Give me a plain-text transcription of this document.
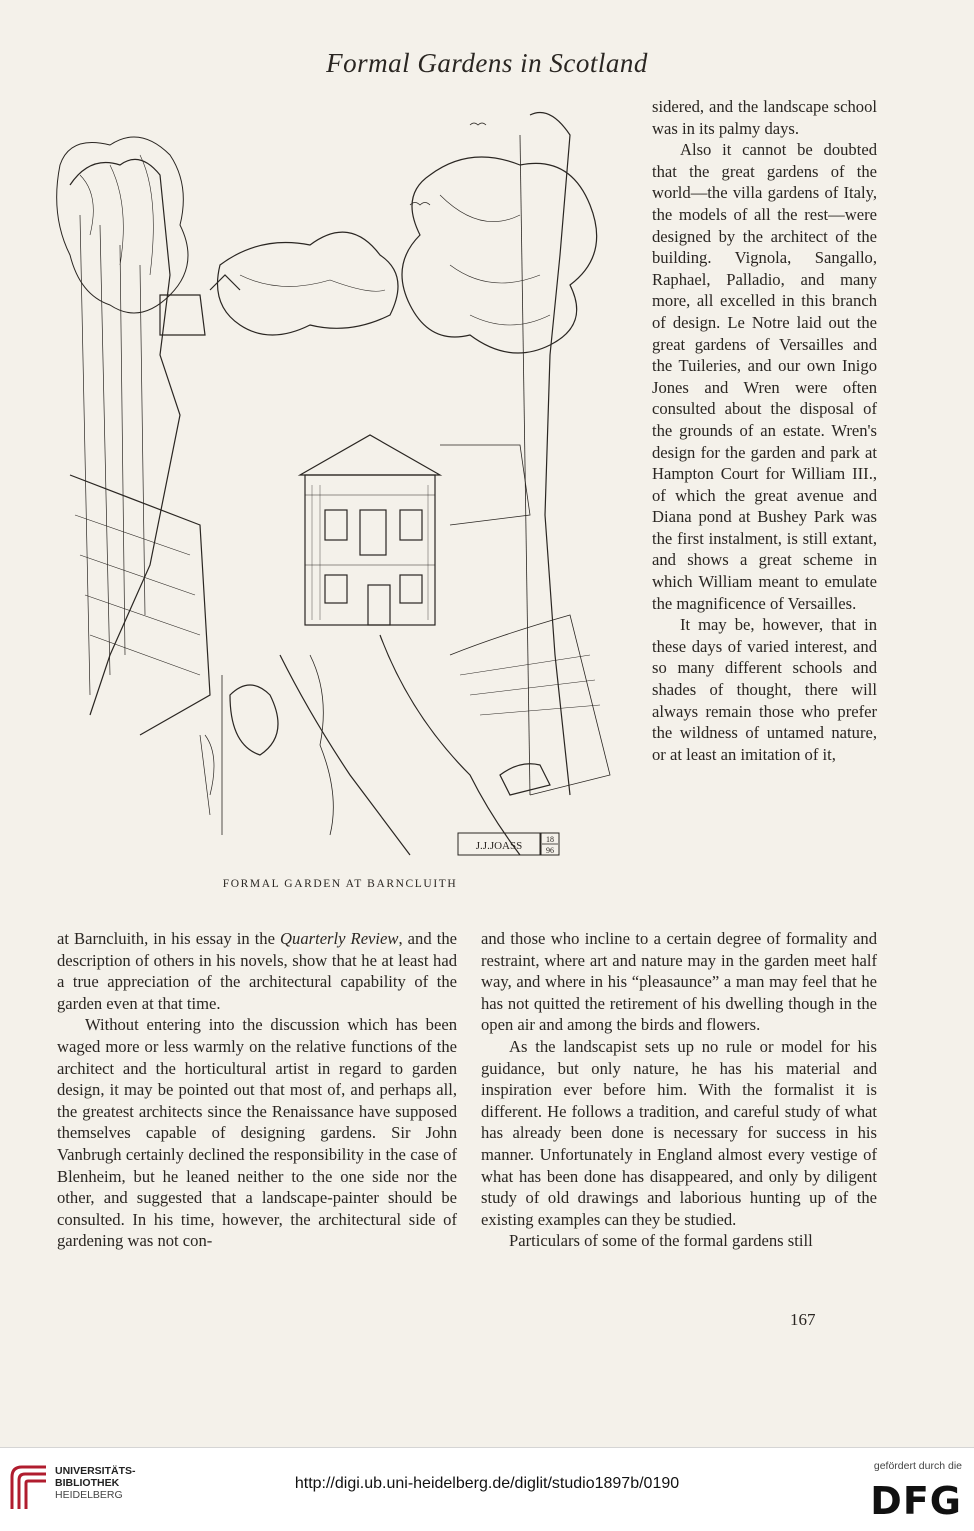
Formal Gardens in Scotland
J.J.JOASS
18
96
FORMAL GARDEN AT BARNCLUITH

sidered, and the landscape school was in its palmy days.

Also it cannot be doubted that the great gardens of the world—the villa gardens of Italy, the models of all the rest—were designed by the architect of the building. Vignola, Sangallo, Raphael, Palladio, and many more, all excelled in this branch of design. Le Notre laid out the great gardens of Versailles and the Tuileries, and our own Inigo Jones and Wren were often consulted about the disposal of the grounds of an estate. Wren's design for the garden and park at Hampton Court for William III., of which the great avenue and Diana pond at Bushey Park was the first instalment, is still extant, and shows a great scheme in which William meant to emulate the magnificence of Versailles.

It may be, however, that in these days of varied interest, and so many different schools and shades of thought, there will always remain those who prefer the wildness of untamed nature, or at least an imitation of it,

at Barncluith, in his essay in the Quarterly Review, and the description of others in his novels, show that he at least had a true appreciation of the architectural capability of the garden even at that time.

Without entering into the discussion which has been waged more or less warmly on the relative functions of the architect and the horticultural artist in regard to garden design, it may be pointed out that most of, and perhaps all, the greatest architects since the Renaissance have supposed themselves capable of designing gardens. Sir John Vanbrugh certainly declined the responsibility in the case of Blenheim, but he leaned neither to the one side nor the other, and suggested that a landscape-painter should be consulted. In his time, however, the architectural side of gardening was not con-

and those who incline to a certain degree of formality and restraint, where art and nature may in the garden meet half way, and where in his “pleasaunce” a man may feel that he has not quitted the retirement of his dwelling though in the open air and among the birds and flowers.

As the landscapist sets up no rule or model for his guidance, but only nature, he has his material and inspiration ever before him. With the formalist it is different. He follows a tradition, and careful study of what has already been done is necessary for success in his manner. Unfortunately in England almost every vestige of what has been done has disappeared, and only by diligent study of old drawings and laborious hunting up of the existing examples can they be studied.

Particulars of some of the formal gardens still

167
UNIVERSITÄTS-
BIBLIOTHEK
HEIDELBERG
http://digi.ub.uni-heidelberg.de/diglit/studio1897b/0190
gefördert durch die
DFG
